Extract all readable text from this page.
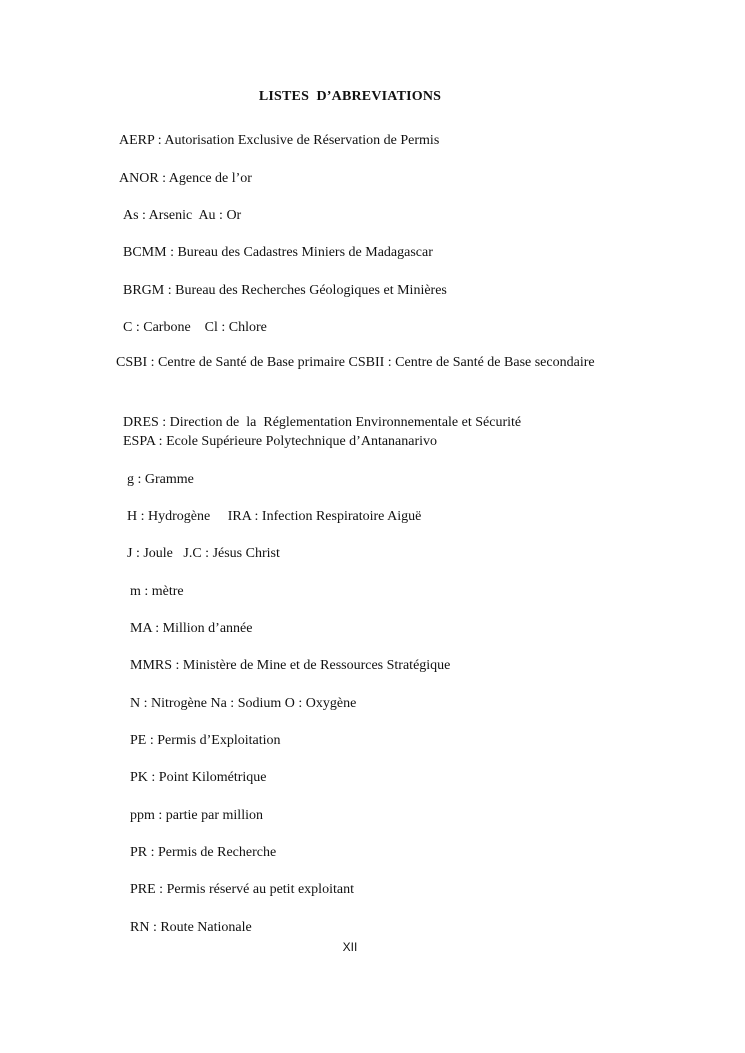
LISTES  D’ABREVIATIONS
AERP : Autorisation Exclusive de Réservation de Permis
ANOR : Agence de l’or
As : Arsenic  Au : Or
BCMM : Bureau des Cadastres Miniers de Madagascar
BRGM : Bureau des Recherches Géologiques et Minières
C : Carbone    Cl : Chlore
CSBI : Centre de Santé de Base primaire CSBII : Centre de Santé de Base secondaire
DRES : Direction de  la  Réglementation Environnementale et Sécurité
ESPA : Ecole Supérieure Polytechnique d’Antananarivo
g : Gramme
H : Hydrogène     IRA : Infection Respiratoire Aiguë
J : Joule   J.C : Jésus Christ
m : mètre
MA : Million d’année
MMRS : Ministère de Mine et de Ressources Stratégique
N : Nitrogène Na : Sodium O : Oxygène
PE : Permis d’Exploitation
PK : Point Kilométrique
ppm : partie par million
PR : Permis de Recherche
PRE : Permis réservé au petit exploitant
RN : Route Nationale
XII
